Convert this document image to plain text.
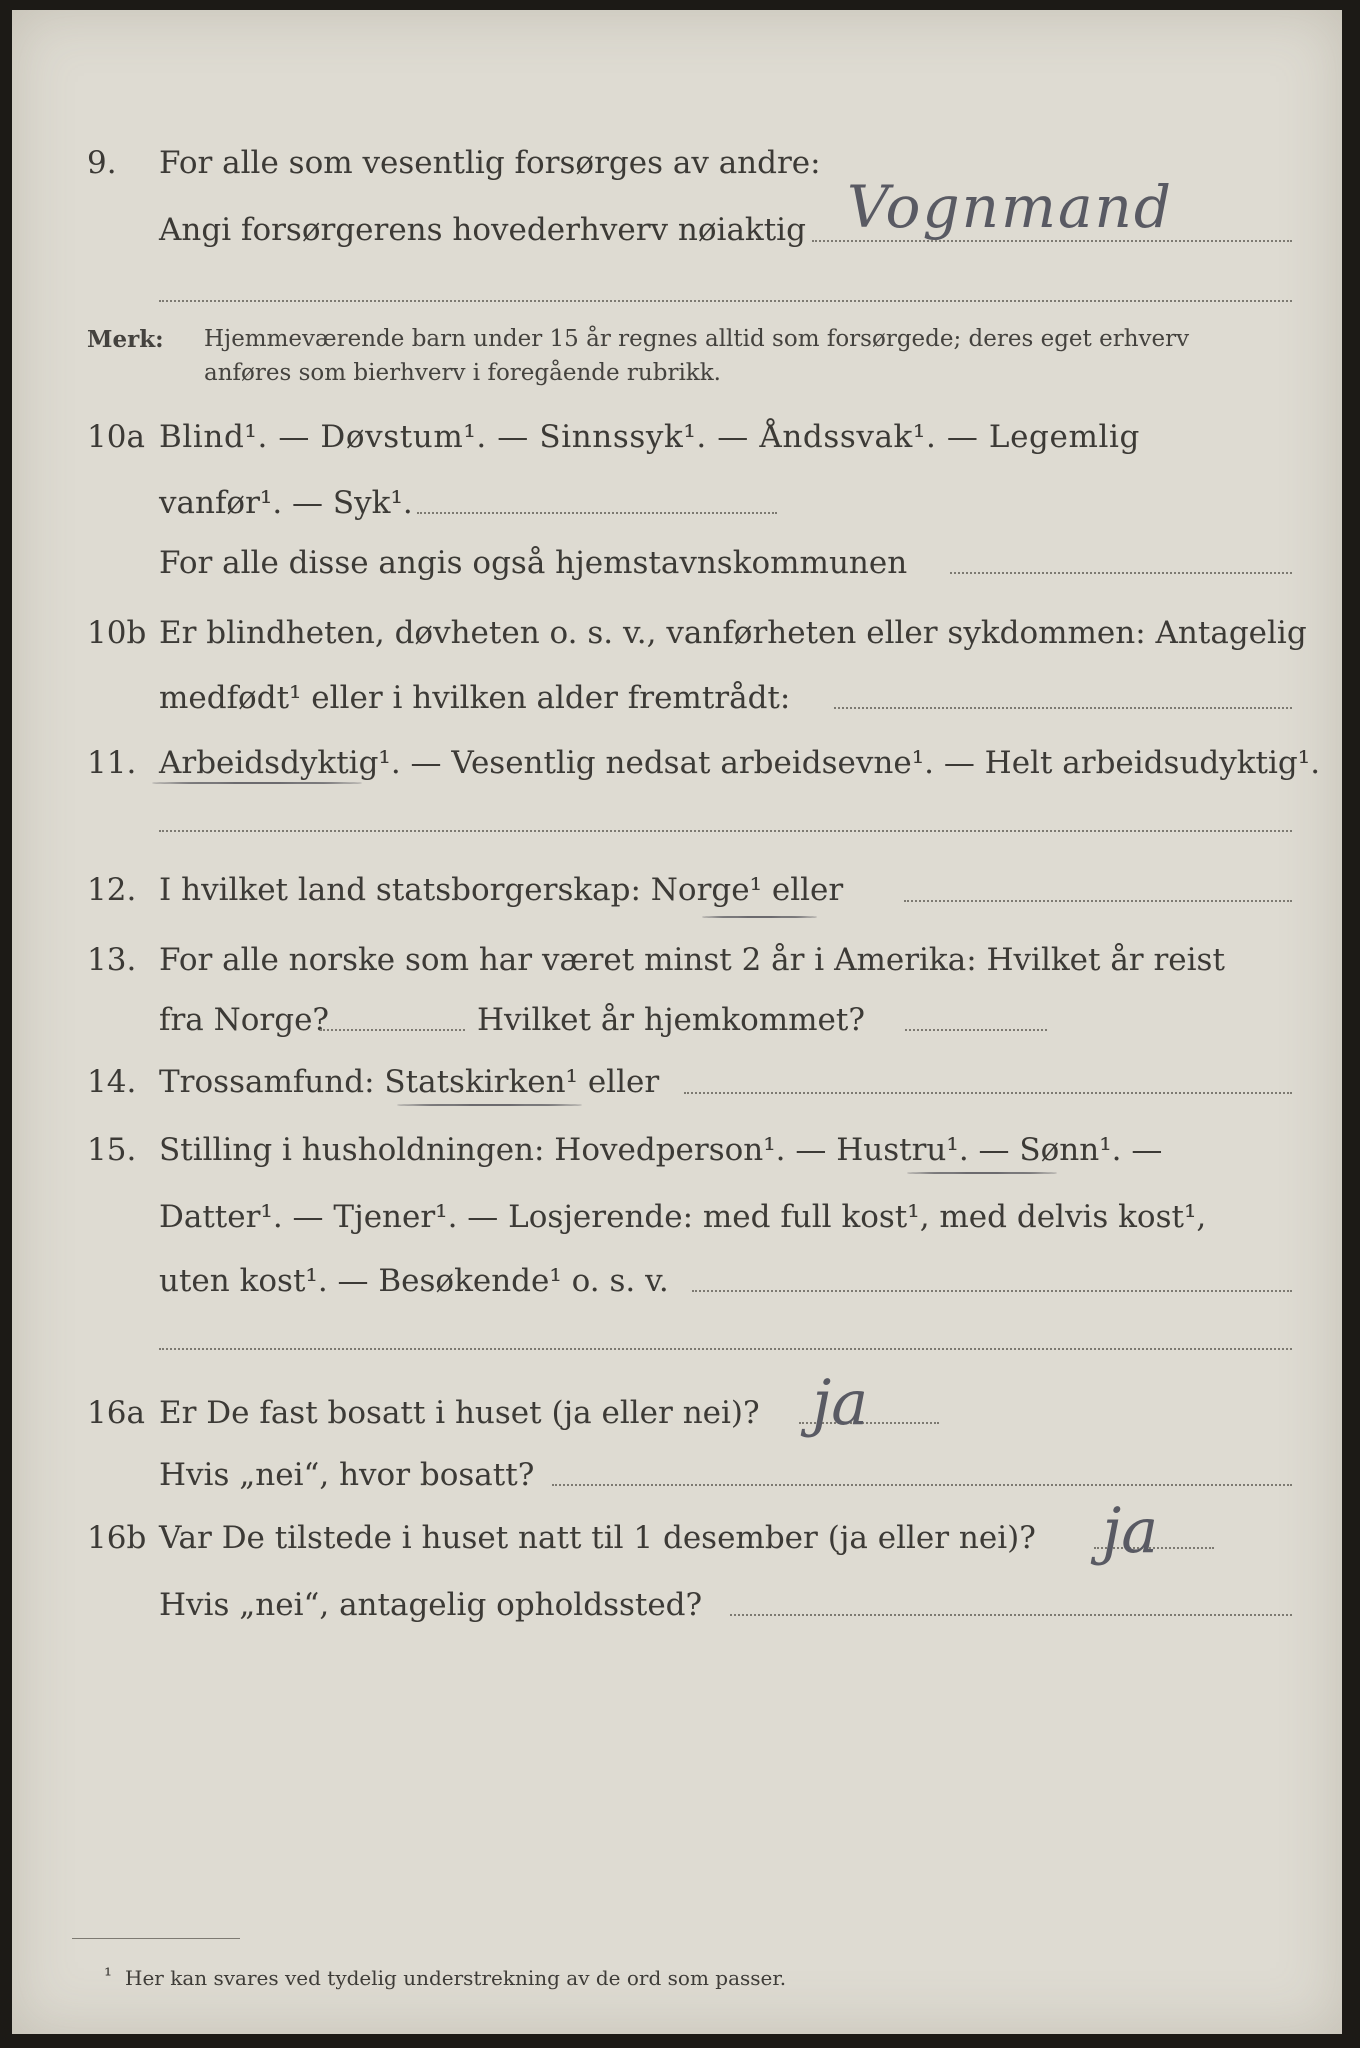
9. For alle som vesentlig forsørges av andre:
Angi forsørgerens hovederhverv nøiaktig Vognmand
Merk: Hjemmeværende barn under 15 år regnes alltid som forsørgede; deres eget erhverv
anføres som bierhverv i foregående rubrikk.
10a Blind¹. — Døvstum¹. — Sinnssyk¹. — Åndssvak¹. — Legemlig
vanfør¹. — Syk¹.
For alle disse angis også hjemstavnskommunen
10b Er blindheten, døvheten o. s. v., vanførheten eller sykdommen: Antagelig
medfødt¹ eller i hvilken alder fremtrådt:
11. Arbeidsdyktig¹. — Vesentlig nedsat arbeidsevne¹. — Helt arbeidsudyktig¹.
12. I hvilket land statsborgerskap: Norge¹ eller
13. For alle norske som har været minst 2 år i Amerika: Hvilket år reist
fra Norge?	Hvilket år hjemkommet?
14. Trossamfund: Statskirken¹ eller
15. Stilling i husholdningen: Hovedperson¹. — Hustru¹. — Sønn¹. —
Datter¹. — Tjener¹. — Losjerende: med full kost¹, med delvis kost¹,
uten kost¹. — Besøkende¹ o. s. v.
16a Er De fast bosatt i huset (ja eller nei)? ja
Hvis „nei“, hvor bosatt?
16b Var De tilstede i huset natt til 1 desember (ja eller nei)? ja
Hvis „nei“, antagelig opholdssted?
¹ Her kan svares ved tydelig understrekning av de ord som passer.
